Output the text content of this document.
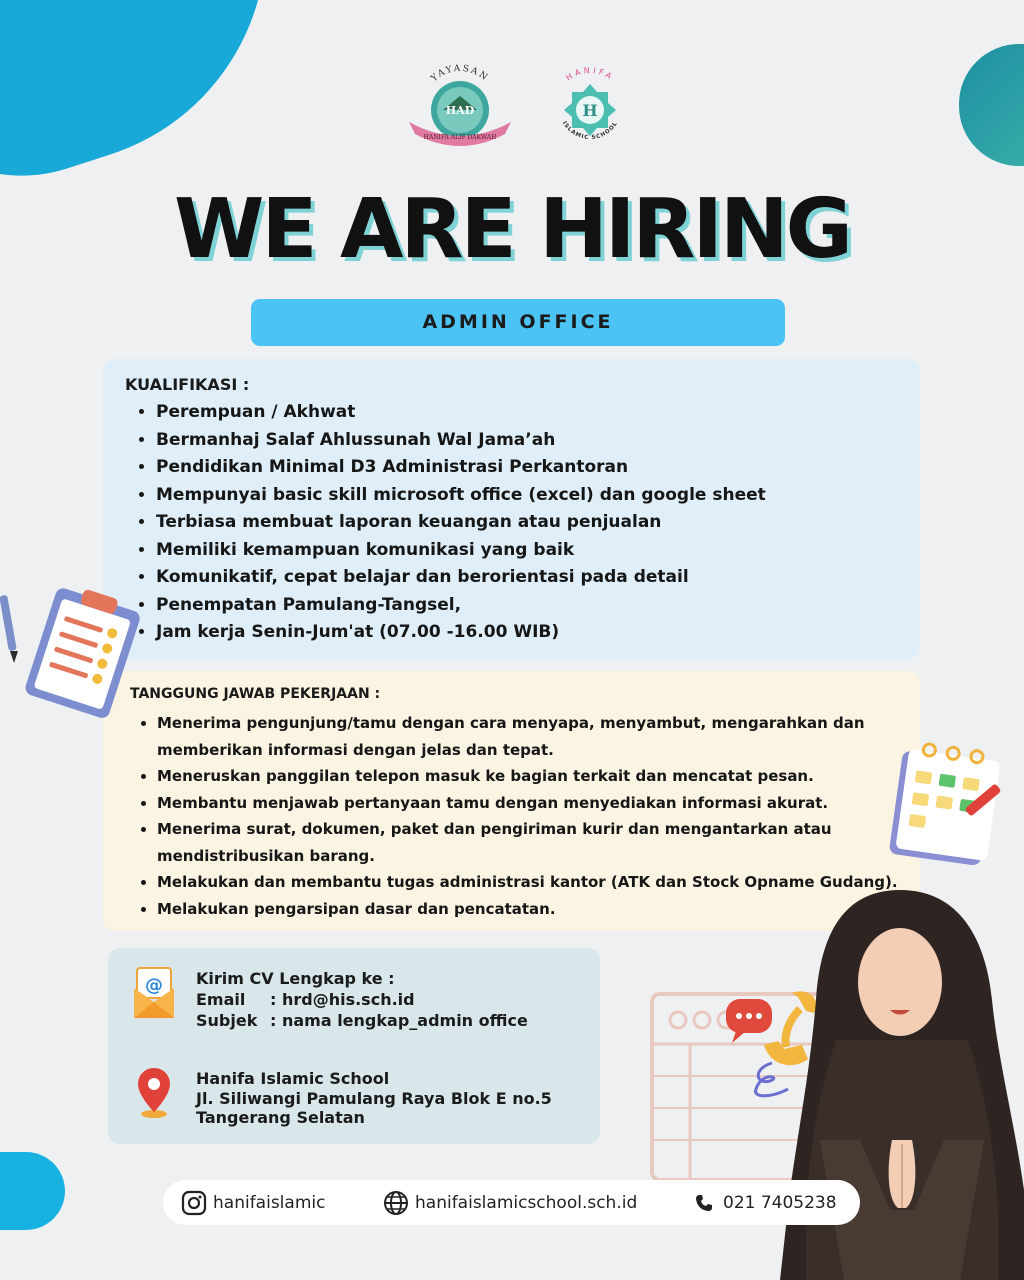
YAYASAN
HAD
HANIFA ALIF DAKWAH
HANIFA
H
ISLAMIC SCHOOL
WE ARE HIRING
ADMIN OFFICE
KUALIFIKASI :
• Perempuan / Akhwat
• Bermanhaj Salaf Ahlussunah Wal Jama’ah
• Pendidikan Minimal D3 Administrasi Perkantoran
• Mempunyai basic skill microsoft office (excel) dan google sheet
• Terbiasa membuat laporan keuangan atau penjualan
• Memiliki kemampuan komunikasi yang baik
• Komunikatif, cepat belajar dan berorientasi pada detail
• Penempatan Pamulang-Tangsel,
• Jam kerja Senin-Jum'at (07.00 -16.00 WIB)
TANGGUNG JAWAB PEKERJAAN :
• Menerima pengunjung/tamu dengan cara menyapa, menyambut, mengarahkan dan memberikan informasi dengan jelas dan tepat.
• Meneruskan panggilan telepon masuk ke bagian terkait dan mencatat pesan.
• Membantu menjawab pertanyaan tamu dengan menyediakan informasi akurat.
• Menerima surat, dokumen, paket dan pengiriman kurir dan mengantarkan atau mendistribusikan barang.
• Melakukan dan membantu tugas administrasi kantor (ATK dan Stock Opname Gudang).
• Melakukan pengarsipan dasar dan pencatatan.
@ Kirim CV Lengkap ke :
Email : hrd@his.sch.id
Subjek : nama lengkap_admin office
Hanifa Islamic School
Jl. Siliwangi Pamulang Raya Blok E no.5
Tangerang Selatan
hanifaislamic	hanifaislamicschool.sch.id	021 7405238
